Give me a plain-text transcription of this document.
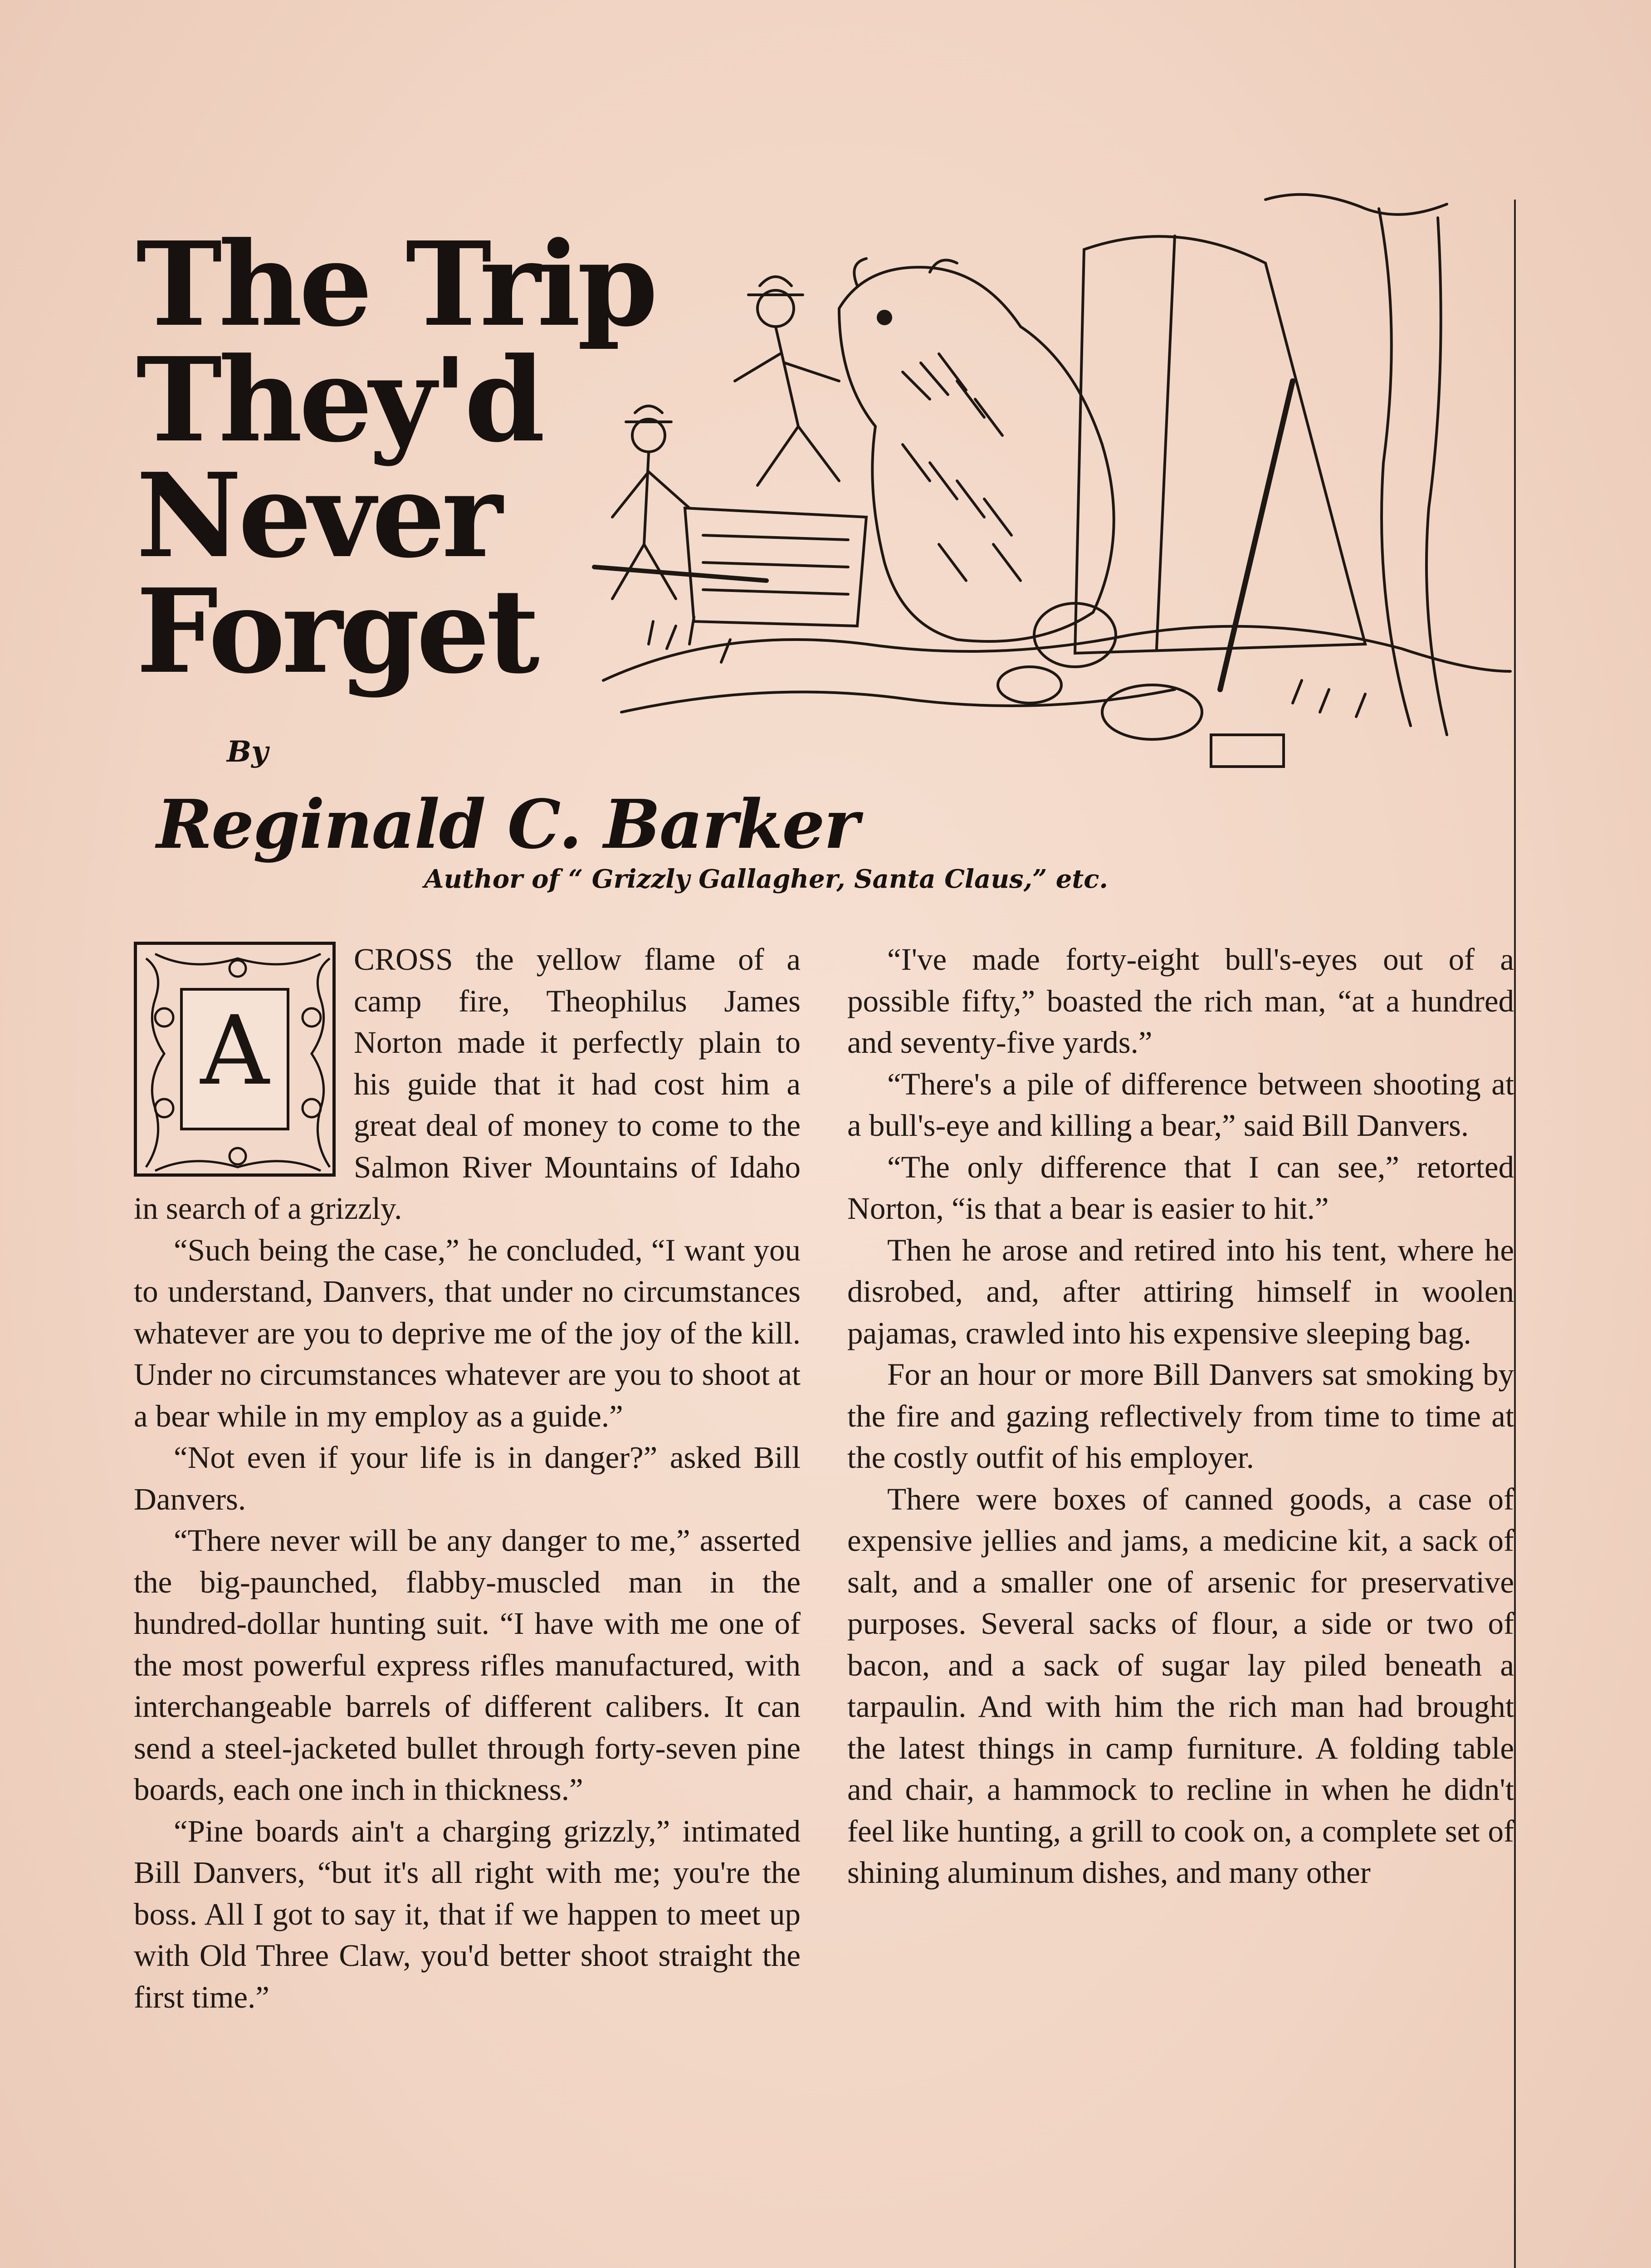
The Trip
They'd
Never
Forget
By
Reginald C. Barker
Author of “ Grizzly Gallagher, Santa Claus,” etc.
A

CROSS the yellow flame of a camp fire, Theophilus James Norton made it perfectly plain to his guide that it had cost him a great deal of money to come to the Salmon River Mountains of Idaho in search of a grizzly.

“Such being the case,” he concluded, “I want you to understand, Danvers, that under no circumstances whatever are you to deprive me of the joy of the kill. Under no circumstances whatever are you to shoot at a bear while in my employ as a guide.”

“Not even if your life is in danger?” asked Bill Danvers.

“There never will be any danger to me,” asserted the big-paunched, flabby-muscled man in the hundred-dollar hunting suit. “I have with me one of the most powerful express rifles manufactured, with interchangeable barrels of different calibers. It can send a steel-jacketed bullet through forty-seven pine boards, each one inch in thickness.”

“Pine boards ain't a charging grizzly,” intimated Bill Danvers, “but it's all right with me; you're the boss. All I got to say it, that if we happen to meet up with Old Three Claw, you'd better shoot straight the first time.”

“I've made forty-eight bull's-eyes out of a possible fifty,” boasted the rich man, “at a hundred and seventy-five yards.”

“There's a pile of difference between shooting at a bull's-eye and killing a bear,” said Bill Danvers.

“The only difference that I can see,” retorted Norton, “is that a bear is easier to hit.”

Then he arose and retired into his tent, where he disrobed, and, after attiring himself in woolen pajamas, crawled into his expensive sleeping bag.

For an hour or more Bill Danvers sat smoking by the fire and gazing reflectively from time to time at the costly outfit of his employer.

There were boxes of canned goods, a case of expensive jellies and jams, a medicine kit, a sack of salt, and a smaller one of arsenic for preservative purposes. Several sacks of flour, a side or two of bacon, and a sack of sugar lay piled beneath a tarpaulin. And with him the rich man had brought the latest things in camp furniture. A folding table and chair, a hammock to recline in when he didn't feel like hunting, a grill to cook on, a complete set of shining aluminum dishes, and many other
